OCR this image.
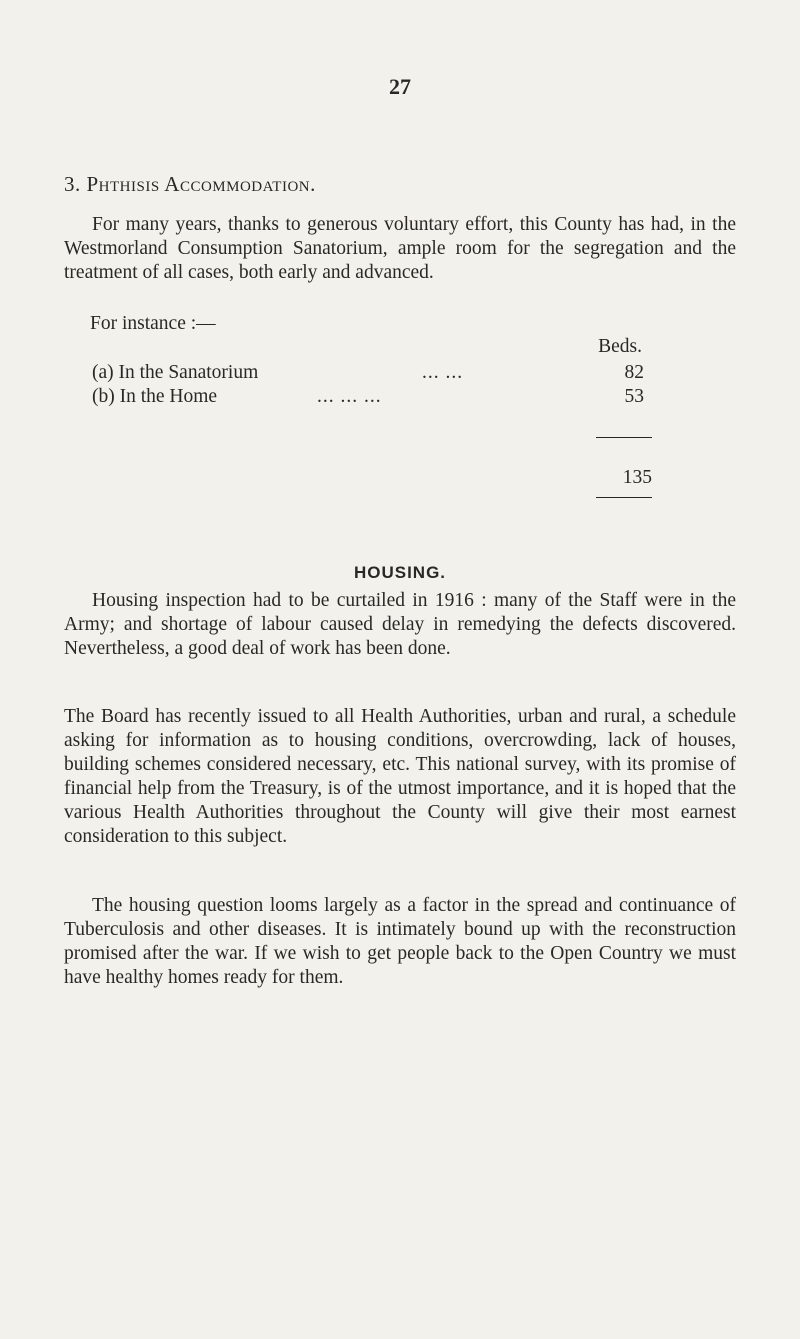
27
3. Phthisis Accommodation.
For many years, thanks to generous voluntary effort, this County has had, in the Westmorland Consumption Sanatorium, ample room for the segregation and the treatment of all cases, both early and advanced.
For instance :—
Beds.
(a) In the Sanatorium	... ...	82
(b) In the Home	... ... ...	53
135
HOUSING.
Housing inspection had to be curtailed in 1916 : many of the Staff were in the Army; and shortage of labour caused delay in remedying the defects discovered. Nevertheless, a good deal of work has been done.
The Board has recently issued to all Health Authorities, urban and rural, a schedule asking for information as to housing conditions, overcrowding, lack of houses, building schemes considered necessary, etc. This national survey, with its promise of financial help from the Treasury, is of the utmost importance, and it is hoped that the various Health Authorities throughout the County will give their most earnest consideration to this subject.
The housing question looms largely as a factor in the spread and continuance of Tuberculosis and other diseases. It is intimately bound up with the reconstruction promised after the war. If we wish to get people back to the Open Country we must have healthy homes ready for them.
